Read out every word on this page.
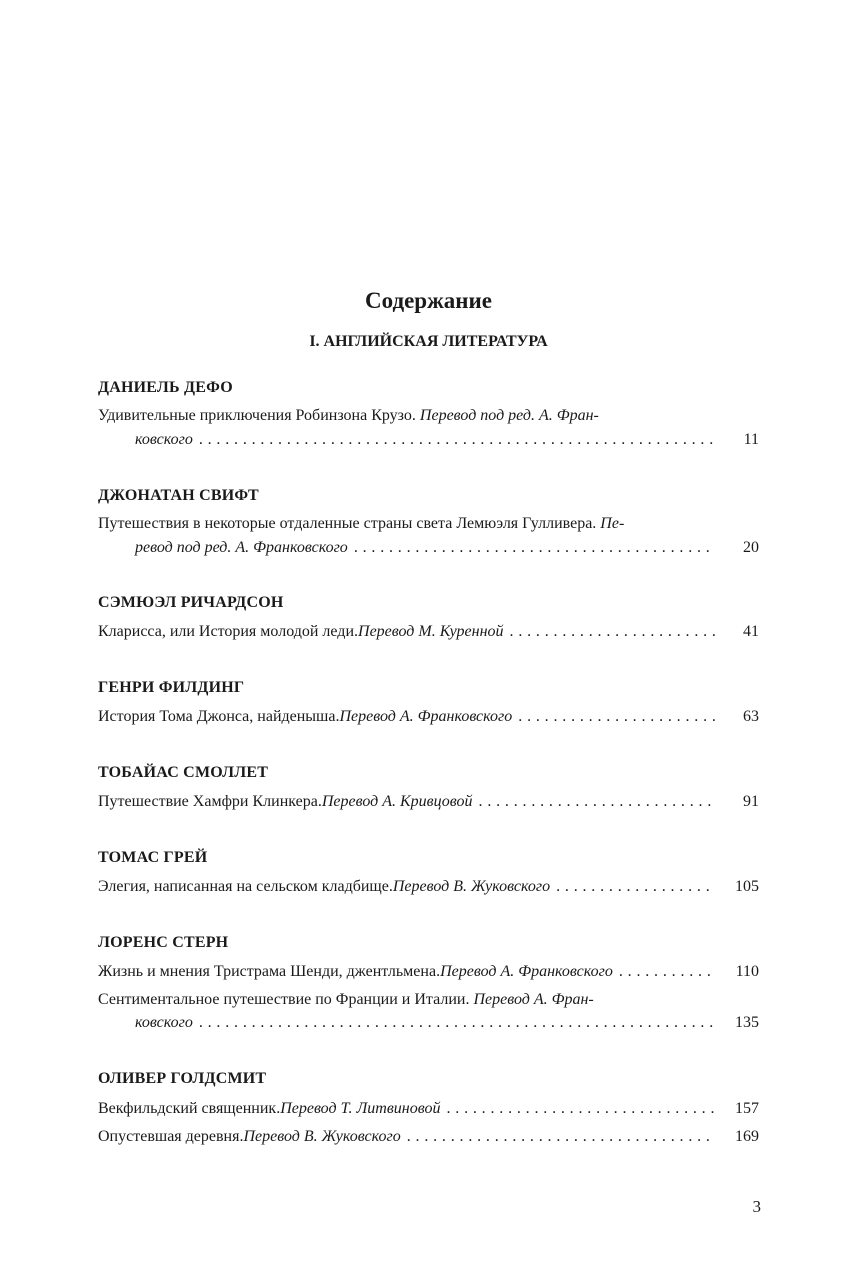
Содержание
I. АНГЛИЙСКАЯ ЛИТЕРАТУРА
ДАНИЕЛЬ ДЕФО
Удивительные приключения Робинзона Крузо. Перевод под ред. А. Фран-
ковского . . .	11
ДЖОНАТАН СВИФТ
Путешествия в некоторые отдаленные страны света Лемюэля Гулливера. Пе-
ревод под ред. А. Франковского . . .	20
СЭМЮЭЛ РИЧАРДСОН
Кларисса, или История молодой леди. Перевод М. Куренной . . .	41
ГЕНРИ ФИЛДИНГ
История Тома Джонса, найденыша. Перевод А. Франковского . . .	63
ТОБАЙАС СМОЛЛЕТ
Путешествие Хамфри Клинкера. Перевод А. Кривцовой . . .	91
ТОМАС ГРЕЙ
Элегия, написанная на сельском кладбище. Перевод В. Жуковского . . .	105
ЛОРЕНС СТЕРН
Жизнь и мнения Тристрама Шенди, джентльмена. Перевод А. Франковского . . .	110
Сентиментальное путешествие по Франции и Италии. Перевод А. Фран-
ковского . . .	135
ОЛИВЕР ГОЛДСМИТ
Векфильдский священник. Перевод Т. Литвиновой . . .	157
Опустевшая деревня. Перевод В. Жуковского . . .	169
3
